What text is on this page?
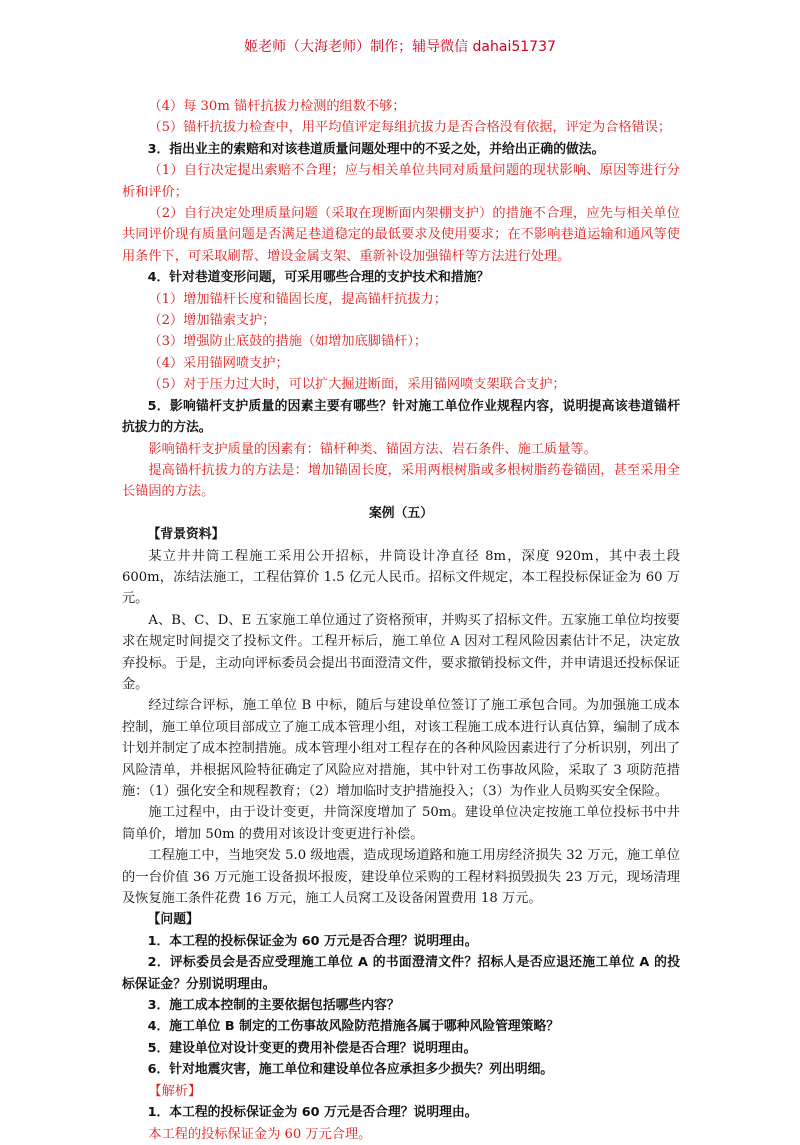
姬老师（大海老师）制作；辅导微信 dahai51737

（4）每 30m 锚杆抗拔力检测的组数不够；

（5）锚杆抗拔力检查中，用平均值评定每组抗拔力是否合格没有依据，评定为合格错误；

3．指出业主的索赔和对该巷道质量问题处理中的不妥之处，并给出正确的做法。

（1）自行决定提出索赔不合理；应与相关单位共同对质量问题的现状影响、原因等进行分析和评价；

（2）自行决定处理质量问题（采取在现断面内架棚支护）的措施不合理，应先与相关单位共同评价现有质量问题是否满足巷道稳定的最低要求及使用要求；在不影响巷道运输和通风等使用条件下，可采取刷帮、增设金属支架、重新补设加强锚杆等方法进行处理。

4．针对巷道变形问题，可采用哪些合理的支护技术和措施？

（1）增加锚杆长度和锚固长度，提高锚杆抗拔力；

（2）增加锚索支护；

（3）增强防止底鼓的措施（如增加底脚锚杆）；

（4）采用锚网喷支护；

（5）对于压力过大时，可以扩大掘进断面，采用锚网喷支架联合支护；

5．影响锚杆支护质量的因素主要有哪些？针对施工单位作业规程内容，说明提高该巷道锚杆抗拔力的方法。

影响锚杆支护质量的因素有：锚杆种类、锚固方法、岩石条件、施工质量等。

提高锚杆抗拔力的方法是：增加锚固长度，采用两根树脂或多根树脂药卷锚固，甚至采用全长锚固的方法。

案例（五）

【背景资料】

某立井井筒工程施工采用公开招标，井筒设计净直径 8m，深度 920m，其中表土段 600m，冻结法施工，工程估算价 1.5 亿元人民币。招标文件规定，本工程投标保证金为 60 万元。

A、B、C、D、E 五家施工单位通过了资格预审，并购买了招标文件。五家施工单位均按要求在规定时间提交了投标文件。工程开标后，施工单位 A 因对工程风险因素估计不足，决定放弃投标。于是，主动向评标委员会提出书面澄清文件，要求撤销投标文件，并申请退还投标保证金。

经过综合评标，施工单位 B 中标，随后与建设单位签订了施工承包合同。为加强施工成本控制，施工单位项目部成立了施工成本管理小组，对该工程施工成本进行认真估算，编制了成本计划并制定了成本控制措施。成本管理小组对工程存在的各种风险因素进行了分析识别，列出了风险清单，并根据风险特征确定了风险应对措施，其中针对工伤事故风险，采取了 3 项防范措施：（1）强化安全和规程教育；（2）增加临时支护措施投入；（3）为作业人员购买安全保险。

施工过程中，由于设计变更，井筒深度增加了 50m。建设单位决定按施工单位投标书中井筒单价，增加 50m 的费用对该设计变更进行补偿。

工程施工中，当地突发 5.0 级地震，造成现场道路和施工用房经济损失 32 万元，施工单位的一台价值 36 万元施工设备损坏报废，建设单位采购的工程材料损毁损失 23 万元，现场清理及恢复施工条件花费 16 万元，施工人员窝工及设备闲置费用 18 万元。

【问题】

1．本工程的投标保证金为 60 万元是否合理？说明理由。

2．评标委员会是否应受理施工单位 A 的书面澄清文件？招标人是否应退还施工单位 A 的投标保证金？分别说明理由。

3．施工成本控制的主要依据包括哪些内容？

4．施工单位 B 制定的工伤事故风险防范措施各属于哪种风险管理策略？

5．建设单位对设计变更的费用补偿是否合理？说明理由。

6．针对地震灾害，施工单位和建设单位各应承担多少损失？列出明细。

【解析】

1．本工程的投标保证金为 60 万元是否合理？说明理由。

本工程的投标保证金为 60 万元合理。
